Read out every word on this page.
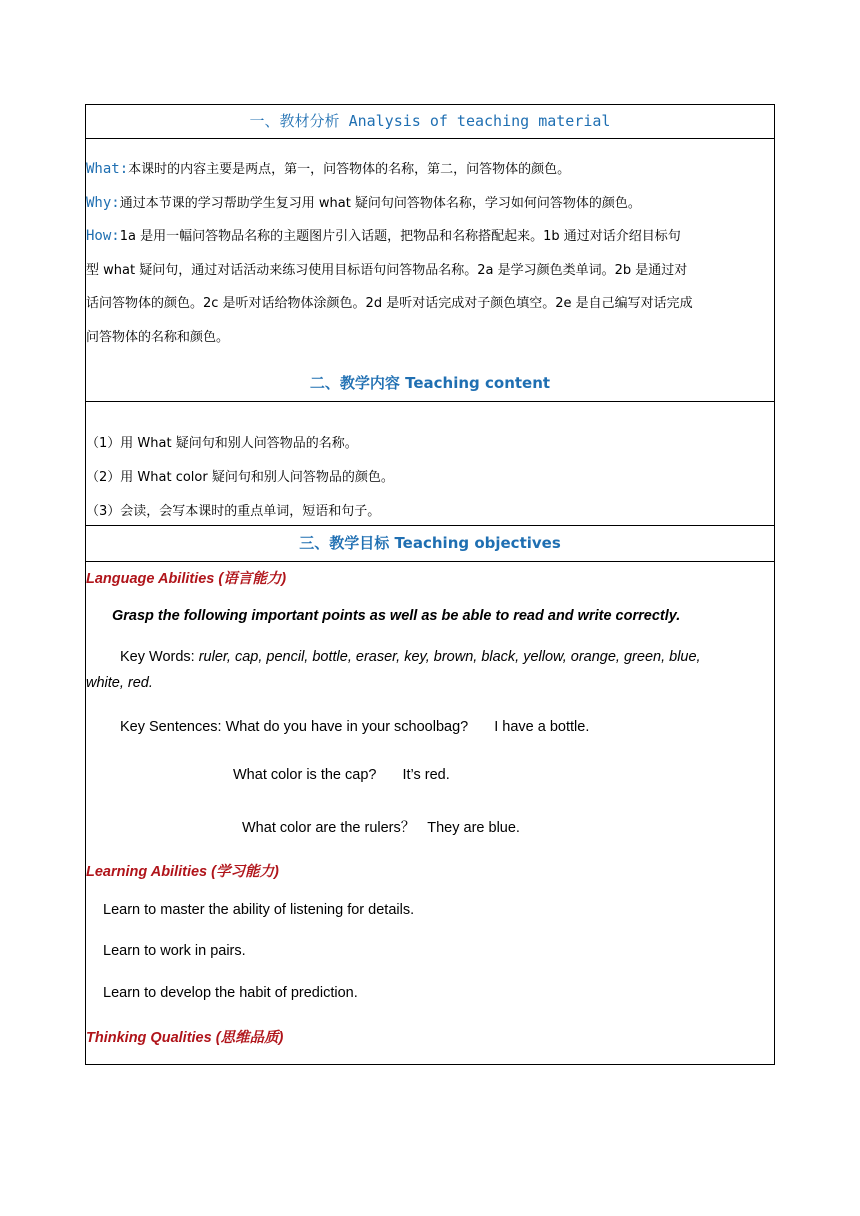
一、教材分析 Analysis of teaching material
What:本课时的内容主要是两点，第一，问答物体的名称，第二，问答物体的颜色。
Why:通过本节课的学习帮助学生复习用 what 疑问句问答物体名称，学习如何问答物体的颜色。
How:1a 是用一幅问答物品名称的主题图片引入话题，把物品和名称搭配起来。1b 通过对话介绍目标句
型 what 疑问句，通过对话活动来练习使用目标语句问答物品名称。2a 是学习颜色类单词。2b 是通过对
话问答物体的颜色。2c 是听对话给物体涂颜色。2d 是听对话完成对子颜色填空。2e 是自己编写对话完成
问答物体的名称和颜色。
二、教学内容 Teaching content
（1）用 What 疑问句和别人问答物品的名称。
（2）用 What color 疑问句和别人问答物品的颜色。
（3）会读，会写本课时的重点单词，短语和句子。
三、教学目标 Teaching objectives
Language Abilities (语言能力)
Grasp the following important points as well as be able to read and write correctly.
Key Words: ruler, cap, pencil, bottle, eraser, key, brown, black, yellow, orange, green, blue,
white, red.
Key Sentences: What do you have in your schoolbag? I have a bottle.
What color is the cap? It’s red.
What color are the rulers？ They are blue.
Learning Abilities (学习能力)
Learn to master the ability of listening for details.
Learn to work in pairs.
Learn to develop the habit of prediction.
Thinking Qualities (思维品质)
